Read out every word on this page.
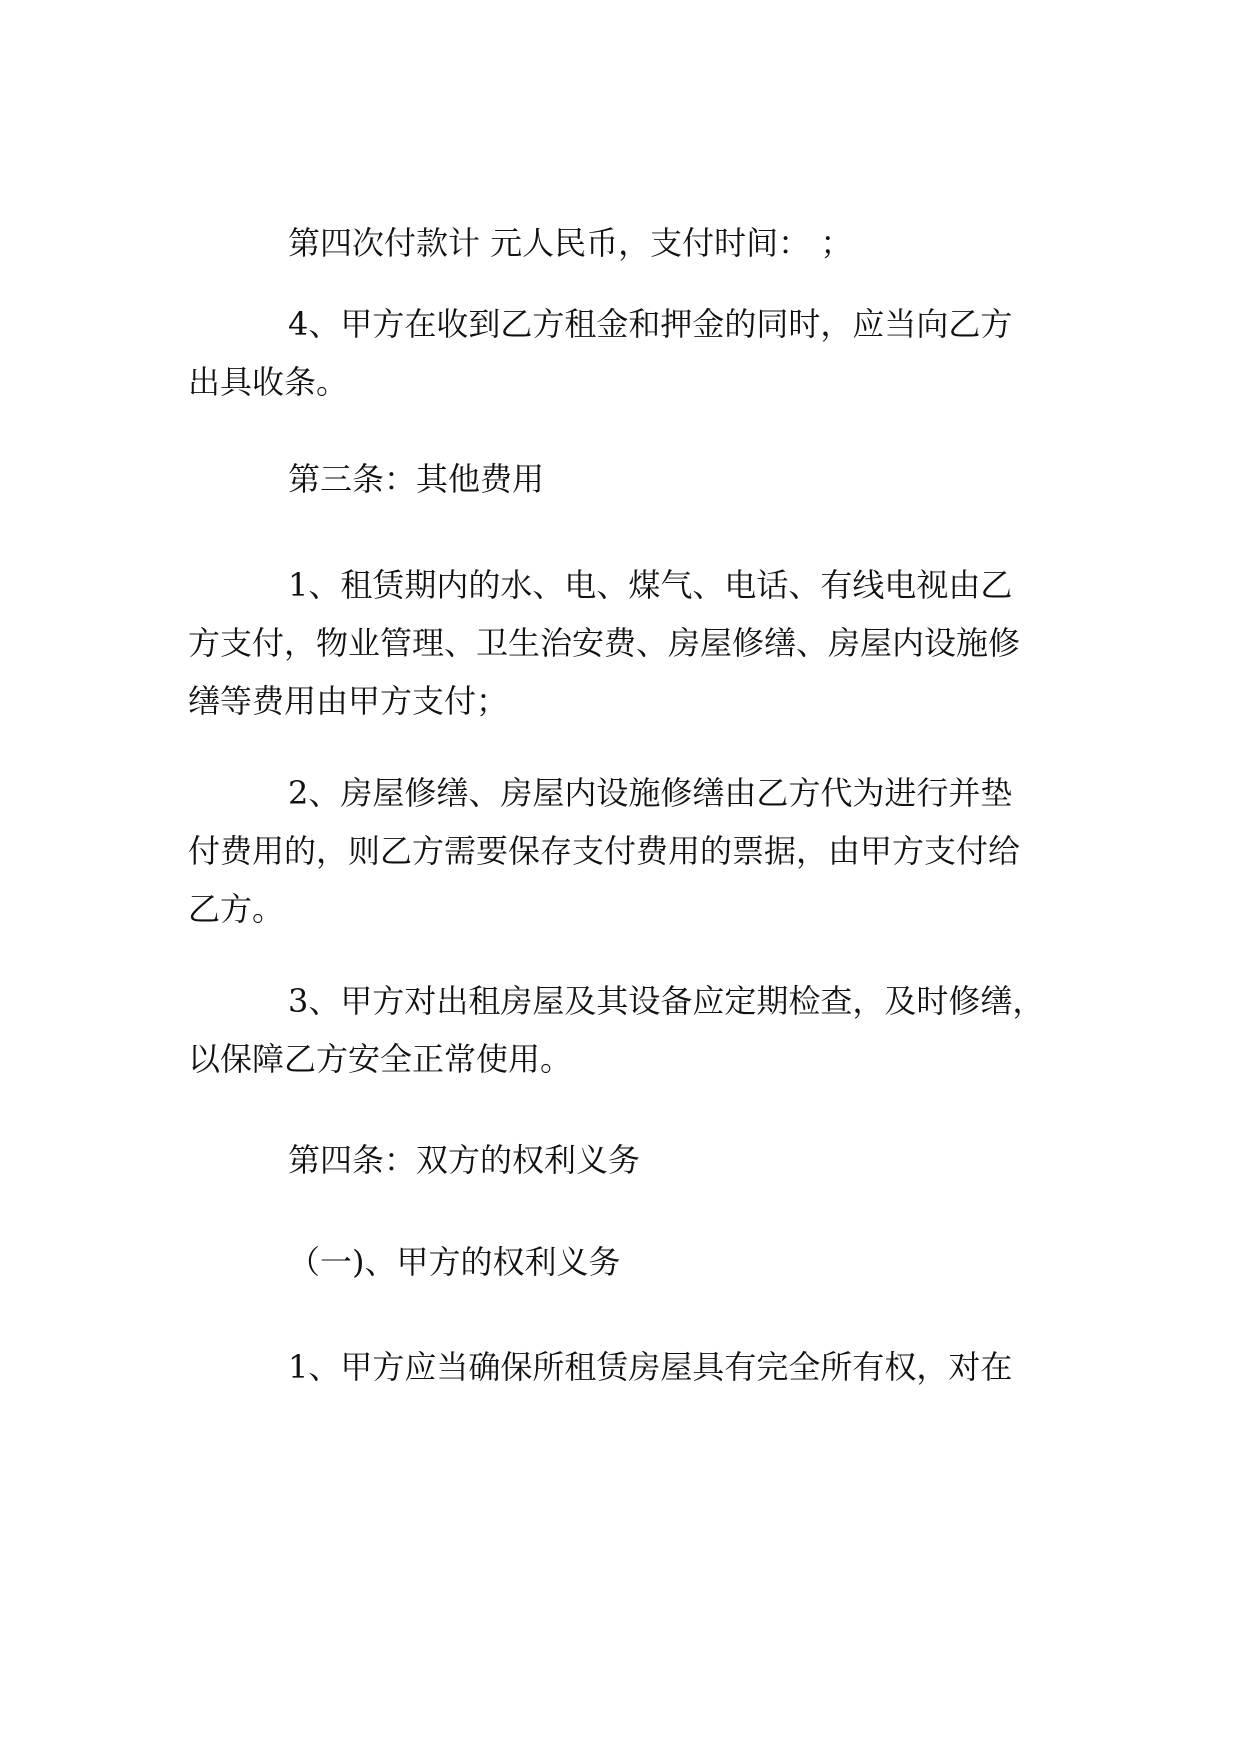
第四次付款计 元人民币，支付时间： ；
4、甲方在收到乙方租金和押金的同时，应当向乙方
出具收条。
第三条：其他费用
1、租赁期内的水、电、煤气、电话、有线电视由乙
方支付，物业管理、卫生治安费、房屋修缮、房屋内设施修
缮等费用由甲方支付；
2、房屋修缮、房屋内设施修缮由乙方代为进行并垫
付费用的，则乙方需要保存支付费用的票据，由甲方支付给
乙方。
3、甲方对出租房屋及其设备应定期检查，及时修缮，
以保障乙方安全正常使用。
第四条：双方的权利义务
（一)、甲方的权利义务
1、甲方应当确保所租赁房屋具有完全所有权，对在
